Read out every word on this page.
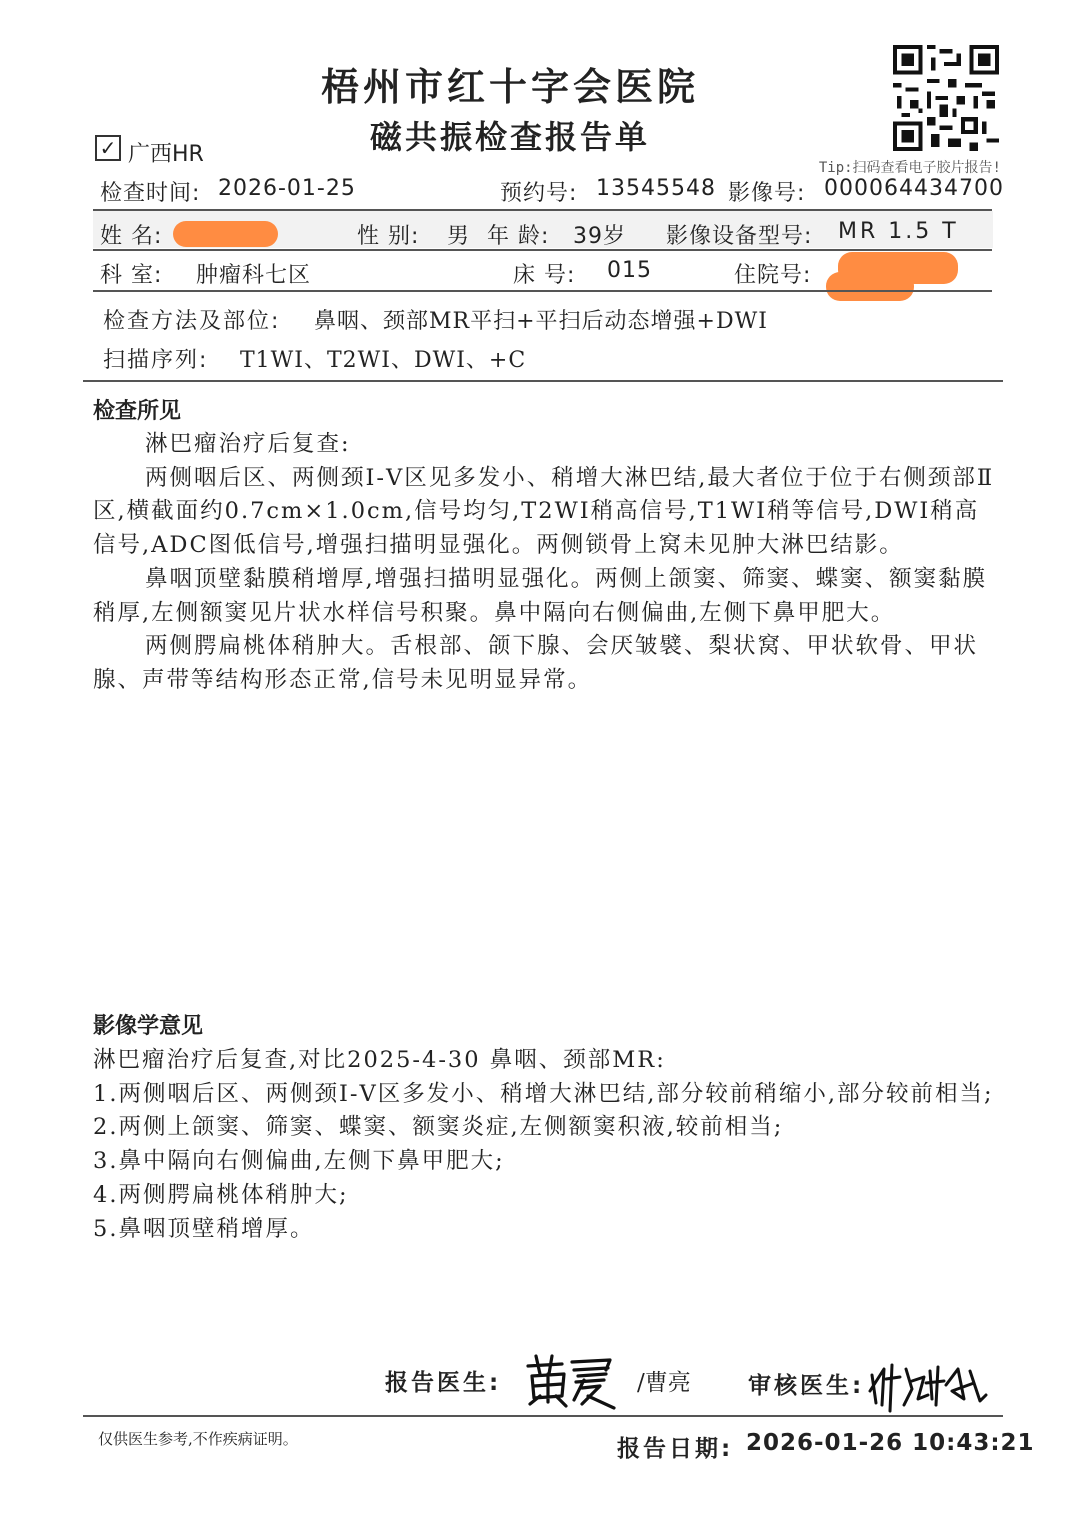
梧州市红十字会医院
磁共振检查报告单
Tip:扫码查看电子胶片报告!
✓ 广西HR
检查时间: 2026-01-25	预约号: 13545548 影像号: 000064434700
姓 名:	性 别: 男 年 龄: 39岁 影像设备型号: MR 1.5 T
科 室: 肿瘤科七区	床 号: 015	住院号:
检查方法及部位: 鼻咽、颈部MR平扫+平扫后动态增强+DWI
扫描序列: T1WI、T2WI、DWI、+C
检查所见

淋巴瘤治疗后复查:

两侧咽后区、两侧颈Ⅰ-Ⅴ区见多发小、稍增大淋巴结,最大者位于位于右侧颈部Ⅱ区,横截面约0.7cm×1.0cm,信号均匀,T2WI稍高信号,T1WI稍等信号,DWI稍高信号,ADC图低信号,增强扫描明显强化。两侧锁骨上窝未见肿大淋巴结影。

鼻咽顶壁黏膜稍增厚,增强扫描明显强化。两侧上颌窦、筛窦、蝶窦、额窦黏膜稍厚,左侧额窦见片状水样信号积聚。鼻中隔向右侧偏曲,左侧下鼻甲肥大。

两侧腭扁桃体稍肿大。舌根部、颌下腺、会厌皱襞、梨状窝、甲状软骨、甲状腺、声带等结构形态正常,信号未见明显异常。

影像学意见

淋巴瘤治疗后复查,对比2025-4-30 鼻咽、颈部MR:

1.两侧咽后区、两侧颈Ⅰ-Ⅴ区多发小、稍增大淋巴结,部分较前稍缩小,部分较前相当;

2.两侧上颌窦、筛窦、蝶窦、额窦炎症,左侧额窦积液,较前相当;

3.鼻中隔向右侧偏曲,左侧下鼻甲肥大;

4.两侧腭扁桃体稍肿大;

5.鼻咽顶壁稍增厚。

报告医生:	/曹亮 审核医生:
仅供医生参考,不作疾病证明。	报告日期: 2026-01-26 10:43:21
